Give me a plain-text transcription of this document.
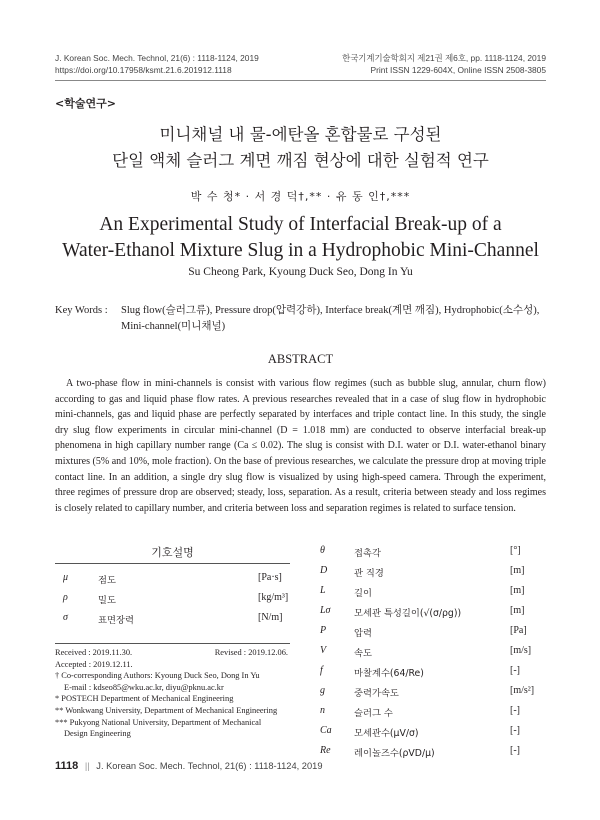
J. Korean Soc. Mech. Technol, 21(6) : 1118-1124, 2019
https://doi.org/10.17958/ksmt.21.6.201912.1118
한국기계기술학회지 제21권 제6호, pp. 1118-1124, 2019
Print ISSN 1229-604X, Online ISSN 2508-3805
<학술연구>
미니채널 내 물-에탄올 혼합물로 구성된
단일 액체 슬러그 계면 깨짐 현상에 대한 실험적 연구
박 수 청* · 서 경 덕†,** · 유 동 인†,***
An Experimental Study of Interfacial Break-up of a
Water-Ethanol Mixture Slug in a Hydrophobic Mini-Channel
Su Cheong Park, Kyoung Duck Seo, Dong In Yu
Key Words : Slug flow(슬러그류), Pressure drop(압력강하), Interface break(계면 깨짐), Hydrophobic(소수성), Mini-channel(미니채널)
ABSTRACT
A two-phase flow in mini-channels is consist with various flow regimes (such as bubble slug, annular, churn flow) according to gas and liquid phase flow rates. A previous researches revealed that in a case of slug flow in hydrophobic mini-channels, gas and liquid phase are perfectly separated by interfaces and triple contact line. In this study, the single dry slug flow experiments in circular mini-channel (D = 1.018 mm) are conducted to observe interfacial break-up phenomena in high capillary number range (Ca ≤ 0.02). The slug is consist with D.I. water or D.I. water-ethanol binary mixtures (5% and 10%, mole fraction). On the base of previous researches, we calculate the pressure drop at moving triple contact line. In an addition, a single dry slug flow is visualized by using high-speed camera. Through the experiment, three regimes of pressure drop are observed; steady, loss, separation. As a result, criteria between steady and loss regimes is closely related to capillary number, and criteria between loss and separation regimes is related to surface tension.
기호설명
μ	점도	[Pa·s]
ρ	밀도	[kg/m³]
σ	표면장력	[N/m]
θ	접촉각	[°]
D	관 직경	[m]
L	길이	[m]
Lσ	모세관 특성길이(√(σ/ρg))	[m]
P	압력	[Pa]
V	속도	[m/s]
f	마찰계수(64/Re)	[-]
g	중력가속도	[m/s²]
n	슬러그 수	[-]
Ca 모세관수(μV/σ)	[-]
Re	레이놀즈수(ρVD/μ)	[-]
Received : 2019.11.30.	Revised : 2019.12.06.
Accepted : 2019.12.11.
† Co-corresponding Authors: Kyoung Duck Seo, Dong In Yu
E-mail : kdseo85@wku.ac.kr, diyu@pknu.ac.kr
* POSTECH Department of Mechanical Engineering
** Wonkwang University, Department of Mechanical Engineering
*** Pukyong National University, Department of Mechanical
Design Engineering
1118 || J. Korean Soc. Mech. Technol, 21(6) : 1118-1124, 2019
